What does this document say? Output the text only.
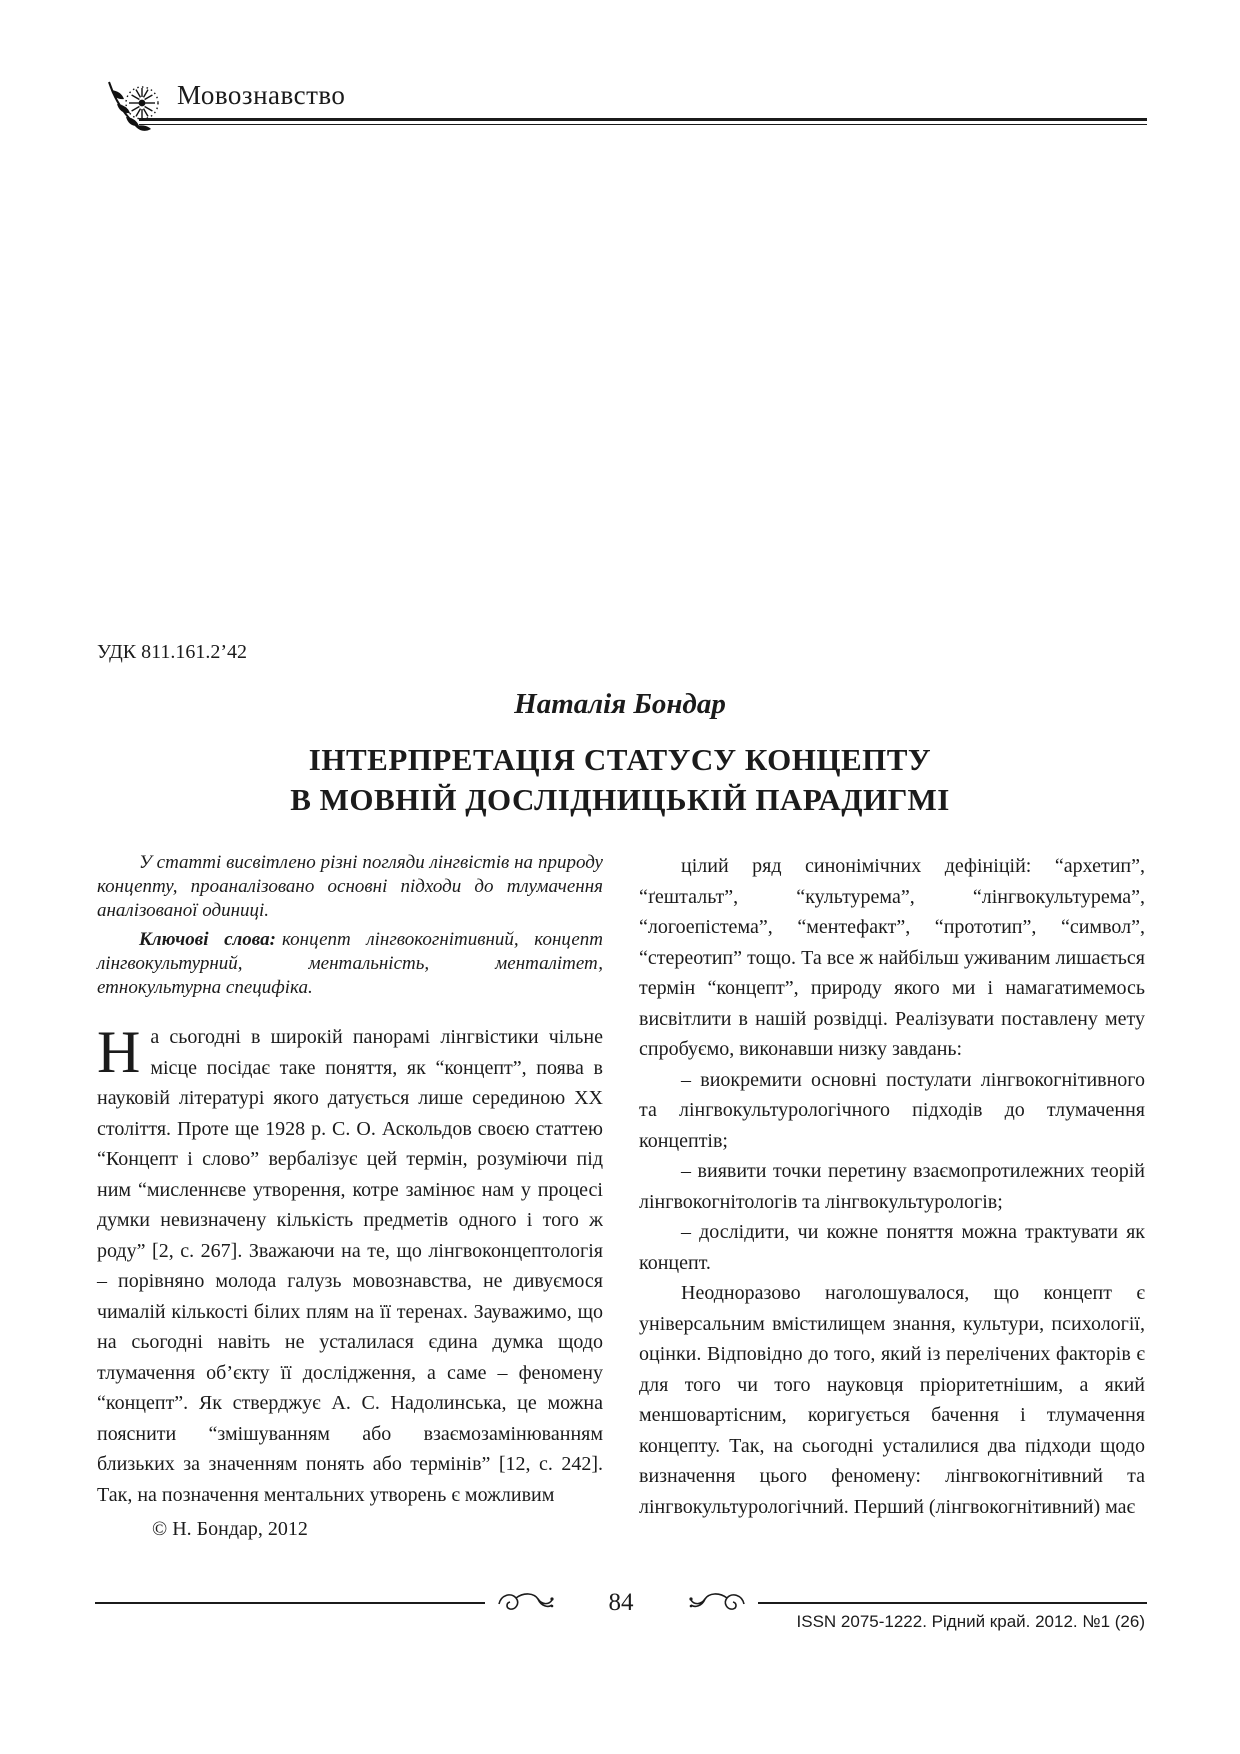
Мовознавство
УДК 811.161.2’42
Наталія Бондар
ІНТЕРПРЕТАЦІЯ СТАТУСУ КОНЦЕПТУ
В МОВНІЙ ДОСЛІДНИЦЬКІЙ ПАРАДИГМІ

У статті висвітлено різні погляди лінгвістів на природу концепту, проаналізовано основні підходи до тлумачення аналізованої одиниці.

Ключові слова: концепт лінгвокогнітивний, концепт лінгвокультурний, ментальність, менталітет, етнокультурна специфіка.

На сьогодні в широкій панорамі лінгвістики чільне місце посідає таке поняття, як “концепт”, поява в науковій літературі якого датується лише серединою ХХ століття. Проте ще 1928 р. С. О. Аскольдов своєю статтею “Концепт і слово” вербалізує цей термін, розуміючи під ним “мисленнєве утворення, котре замінює нам у процесі думки невизначену кількість предметів одного і того ж роду” [2, с. 267]. Зважаючи на те, що лінгвоконцептологія – порівняно молода галузь мовознавства, не дивуємося чималій кількості білих плям на її теренах. Зауважимо, що на сьогодні навіть не усталилася єдина думка щодо тлумачення об’єкту її дослідження, а саме – феномену “концепт”. Як стверджує А. С. Надолинська, це можна пояснити “змішуванням або взаємозамінюванням близьких за значенням понять або термінів” [12, с. 242]. Так, на позначення ментальних утворень є можливим

© Н. Бондар, 2012

цілий ряд синонімічних дефініцій: “архетип”, “ґештальт”, “культурема”, “лінгвокультурема”, “логоепістема”, “ментефакт”, “прототип”, “символ”, “стереотип” тощо. Та все ж найбільш уживаним лишається термін “концепт”, природу якого ми і намагатимемось висвітлити в нашій розвідці. Реалізувати поставлену мету спробуємо, виконавши низку завдань:

– виокремити основні постулати лінгвокогнітивного та лінгвокультурологічного підходів до тлумачення концептів;

– виявити точки перетину взаємопротилежних теорій лінгвокогнітологів та лінгвокультурологів;

– дослідити, чи кожне поняття можна трактувати як концепт.

Неодноразово наголошувалося, що концепт є універсальним вмістилищем знання, культури, психології, оцінки. Відповідно до того, який із перелічених факторів є для того чи того науковця пріоритетнішим, а який меншовартісним, коригується бачення і тлумачення концепту. Так, на сьогодні усталилися два підходи щодо визначення цього феномену: лінгвокогнітивний та лінгвокультурологічний. Перший (лінгвокогнітивний) має

84
ISSN 2075-1222. Рідний край. 2012. №1 (26)
